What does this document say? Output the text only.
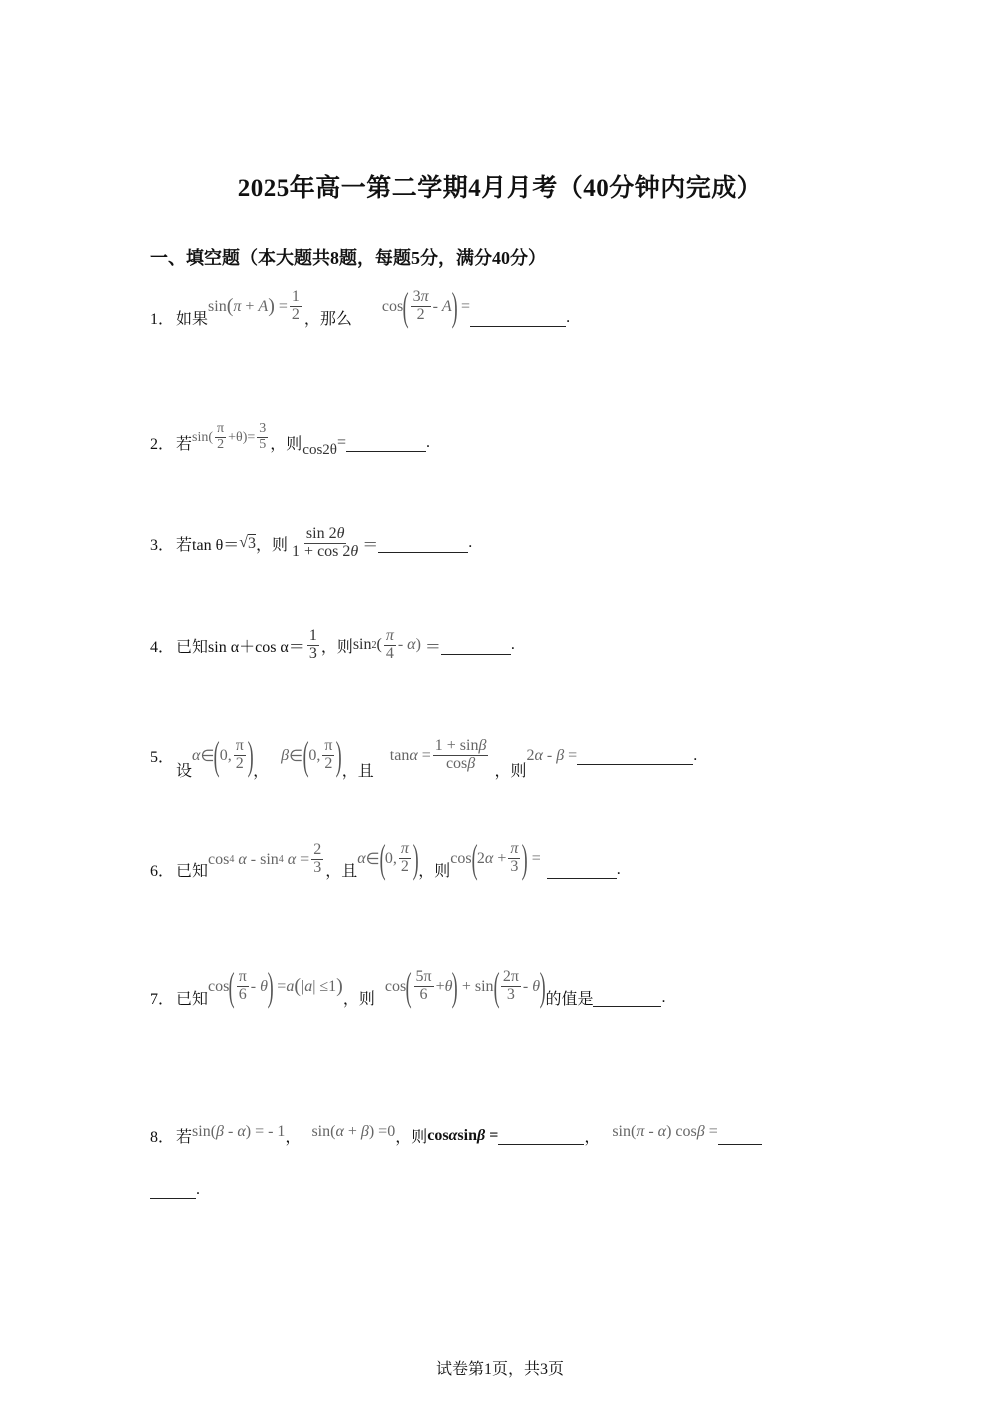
2025年高一第二学期4月月考（40分钟内完成）
一、填空题（本大题共8题，每题5分，满分40分）
1． 如果
sin ( π + A ) = $\frac{1}{2}$ ，那么
cos ( $\frac{3\pi}{2}$ - A ) =
.
2． 若 $\sin( \frac{\pi}{2} +\theta)= \frac{3}{5}$ ，则 cos2θ =	.
3． 若 tan θ＝ √ 3 ，则 $\frac{\sin 2\theta}{1 + \cos 2\theta}$ ＝	.
4． 已知 sin α＋cos $\alpha= \frac{1}{3}$ ，则 sin 2 ( $\frac{\pi}{4} - \alpha$) ＝	.
5．
设
α ∈ ( 0, $\frac{\pi}{2}$ ) ，
β ∈ ( 0, $\frac{\pi}{2}$ ) ，且
$\tan \alpha = \frac{1 + \sin\beta}{\cos\beta}$ ，则
2 α - β =	.
6． 已知
cos 4
α - sin 4
$\alpha = \frac{2}{3}$ ，且
α ∈ ( 0, $\frac{\pi}{2}$ ) ，则
cos ( 2 $\alpha + \frac{\pi}{3}$ ) =
.
7． 已知
cos ( $\frac{\pi}{6}$ - θ ) = a ( | a | ≤1 )
，则
cos ( $\frac{5\pi}{6} + \theta$ ) + sin ( $\frac{2\pi}{3}$ - θ ) 的值是	.
8． 若 sin( β - α ) = - 1 ， sin( α + β ) =0 ，则 cos α sin β =	， sin( π - α ) cos β =
.
试卷第1页，共3页
